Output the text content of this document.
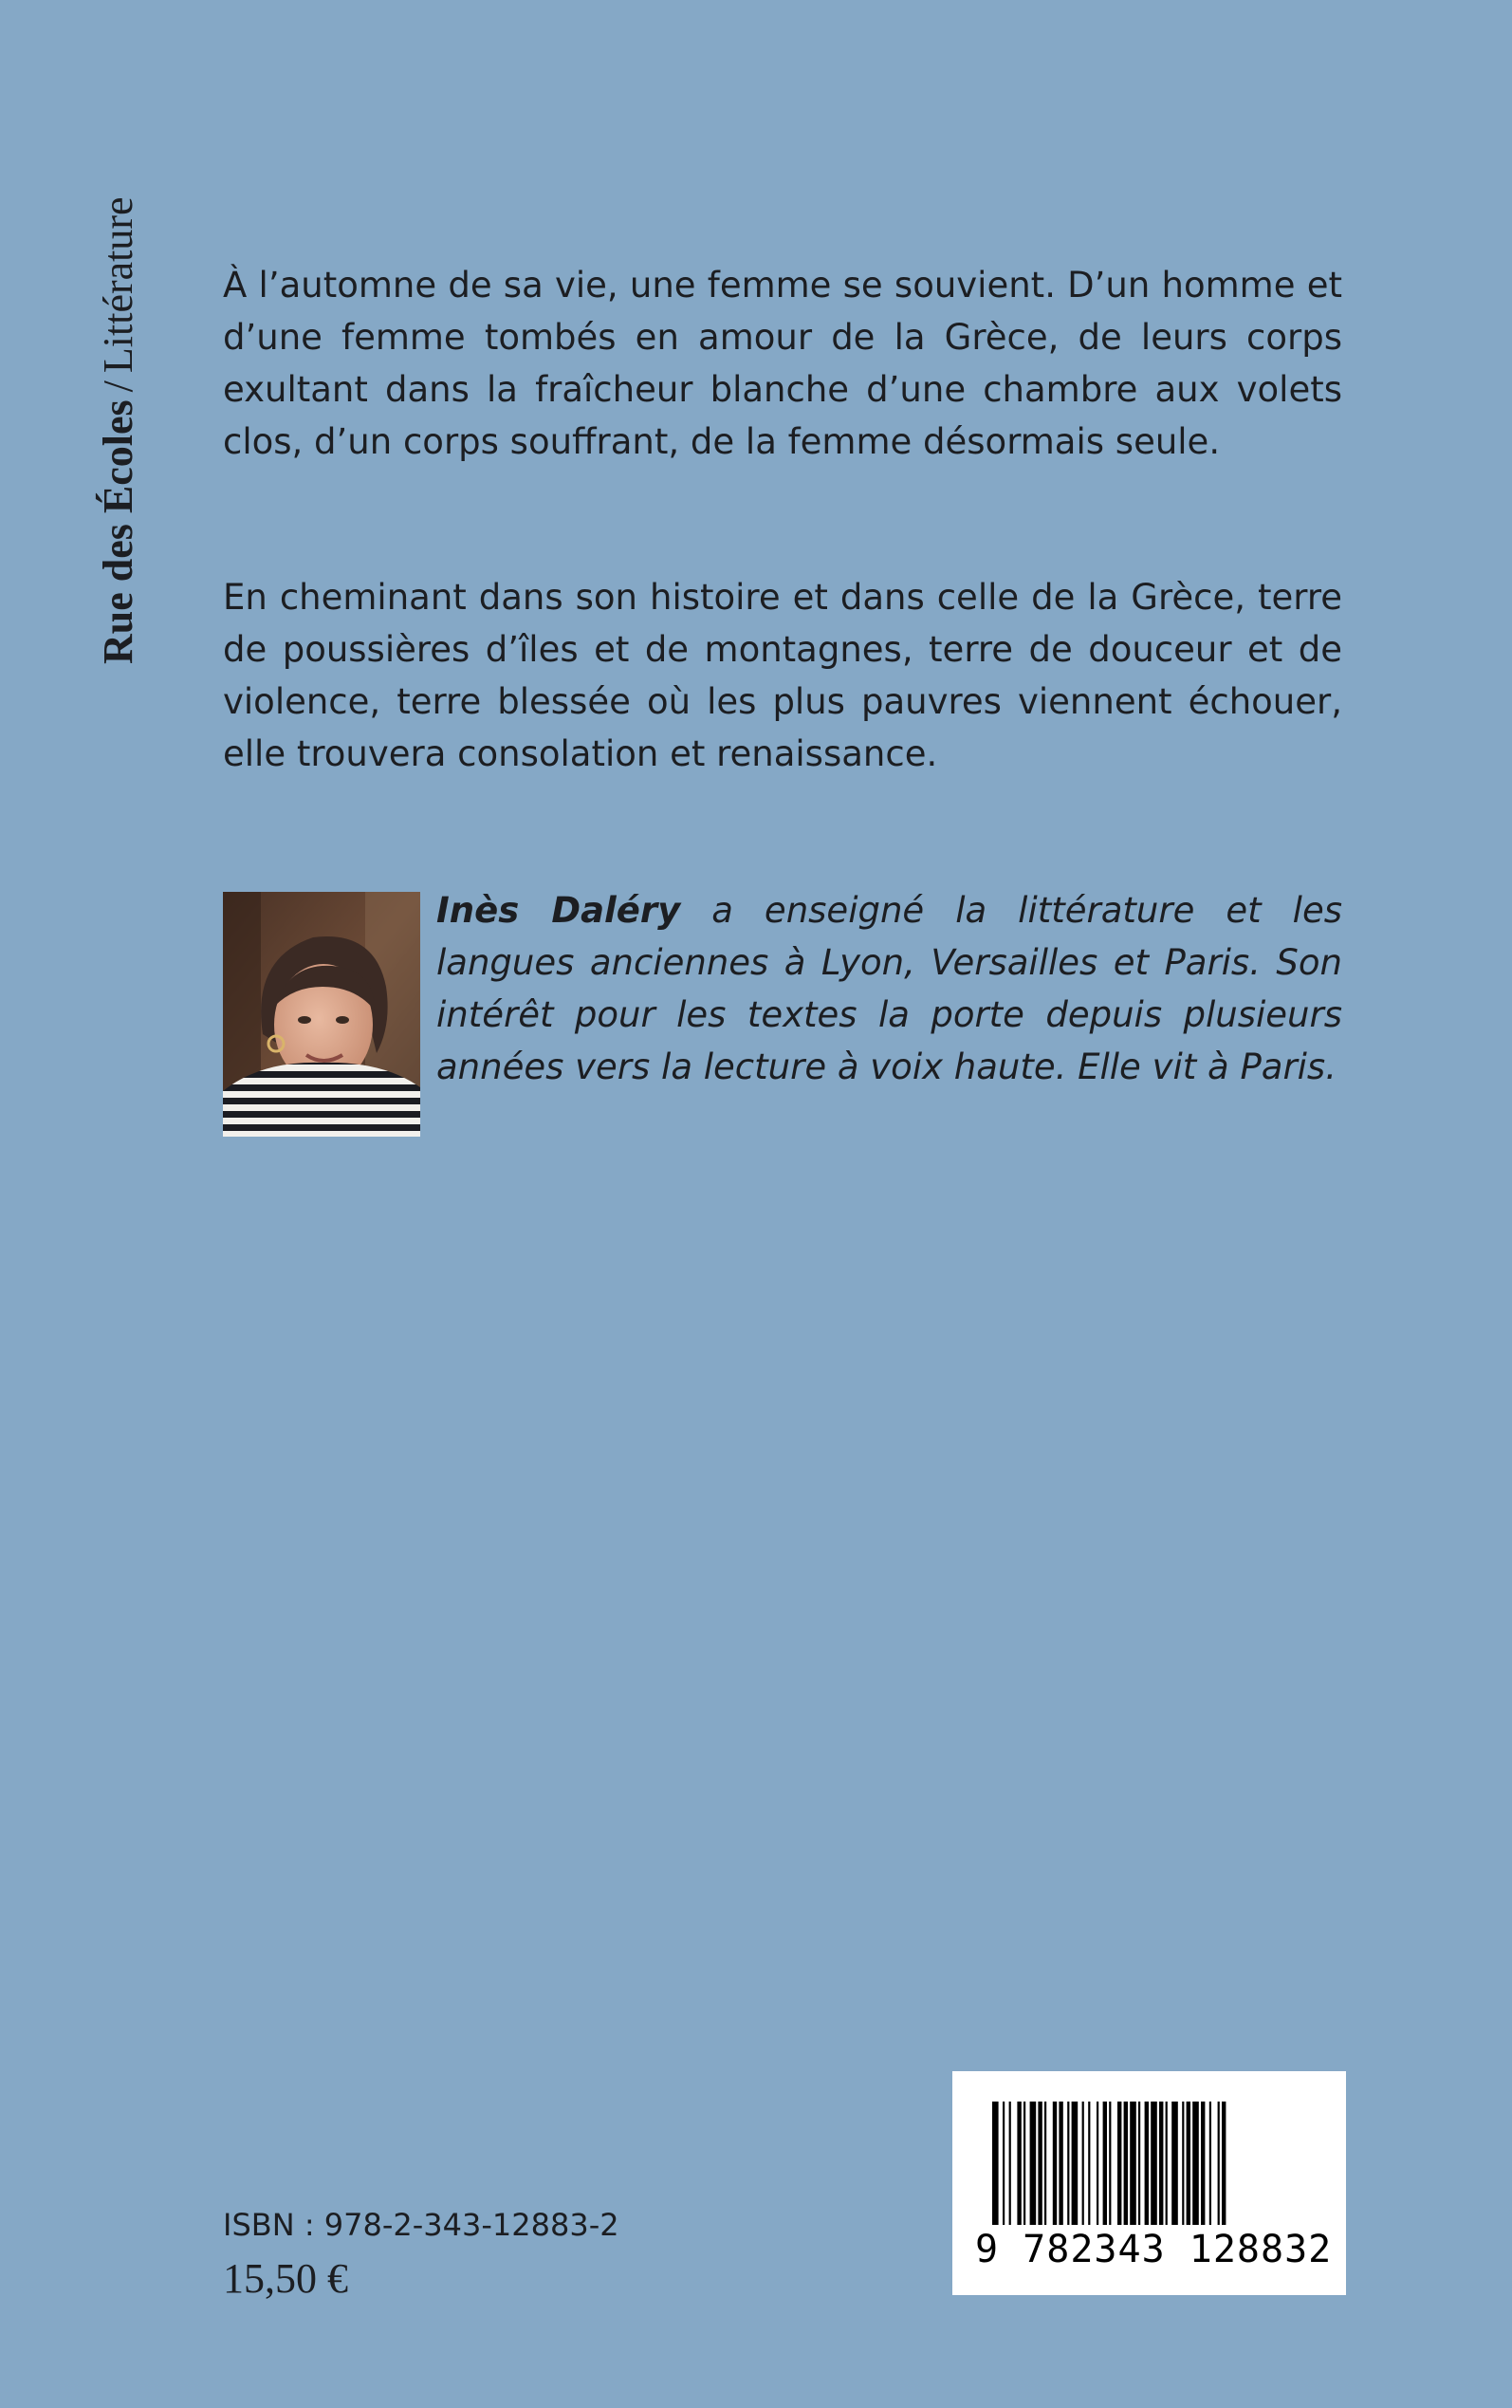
Rue des Écoles/Littérature À l’automne de sa vie, une femme se souvient. D’un homme et d’une femme tombés en amour de la Grèce, de leurs corps exultant dans la fraîcheur blanche d’une chambre aux volets clos, d’un corps souffrant, de la femme désormais seule.

En cheminant dans son histoire et dans celle de la Grèce, terre de poussières d’îles et de montagnes, terre de douceur et de violence, terre blessée où les plus pauvres viennent échouer, elle trouvera consolation et renaissance.

Inès Daléry a enseigné la littérature et les langues anciennes à Lyon, Versailles et Paris. Son intérêt pour les textes la porte depuis plusieurs années vers la lecture à voix haute. Elle vit à Paris.

ISBN : 978-2-343-12883-2
15,50 €
9 782343 128832
